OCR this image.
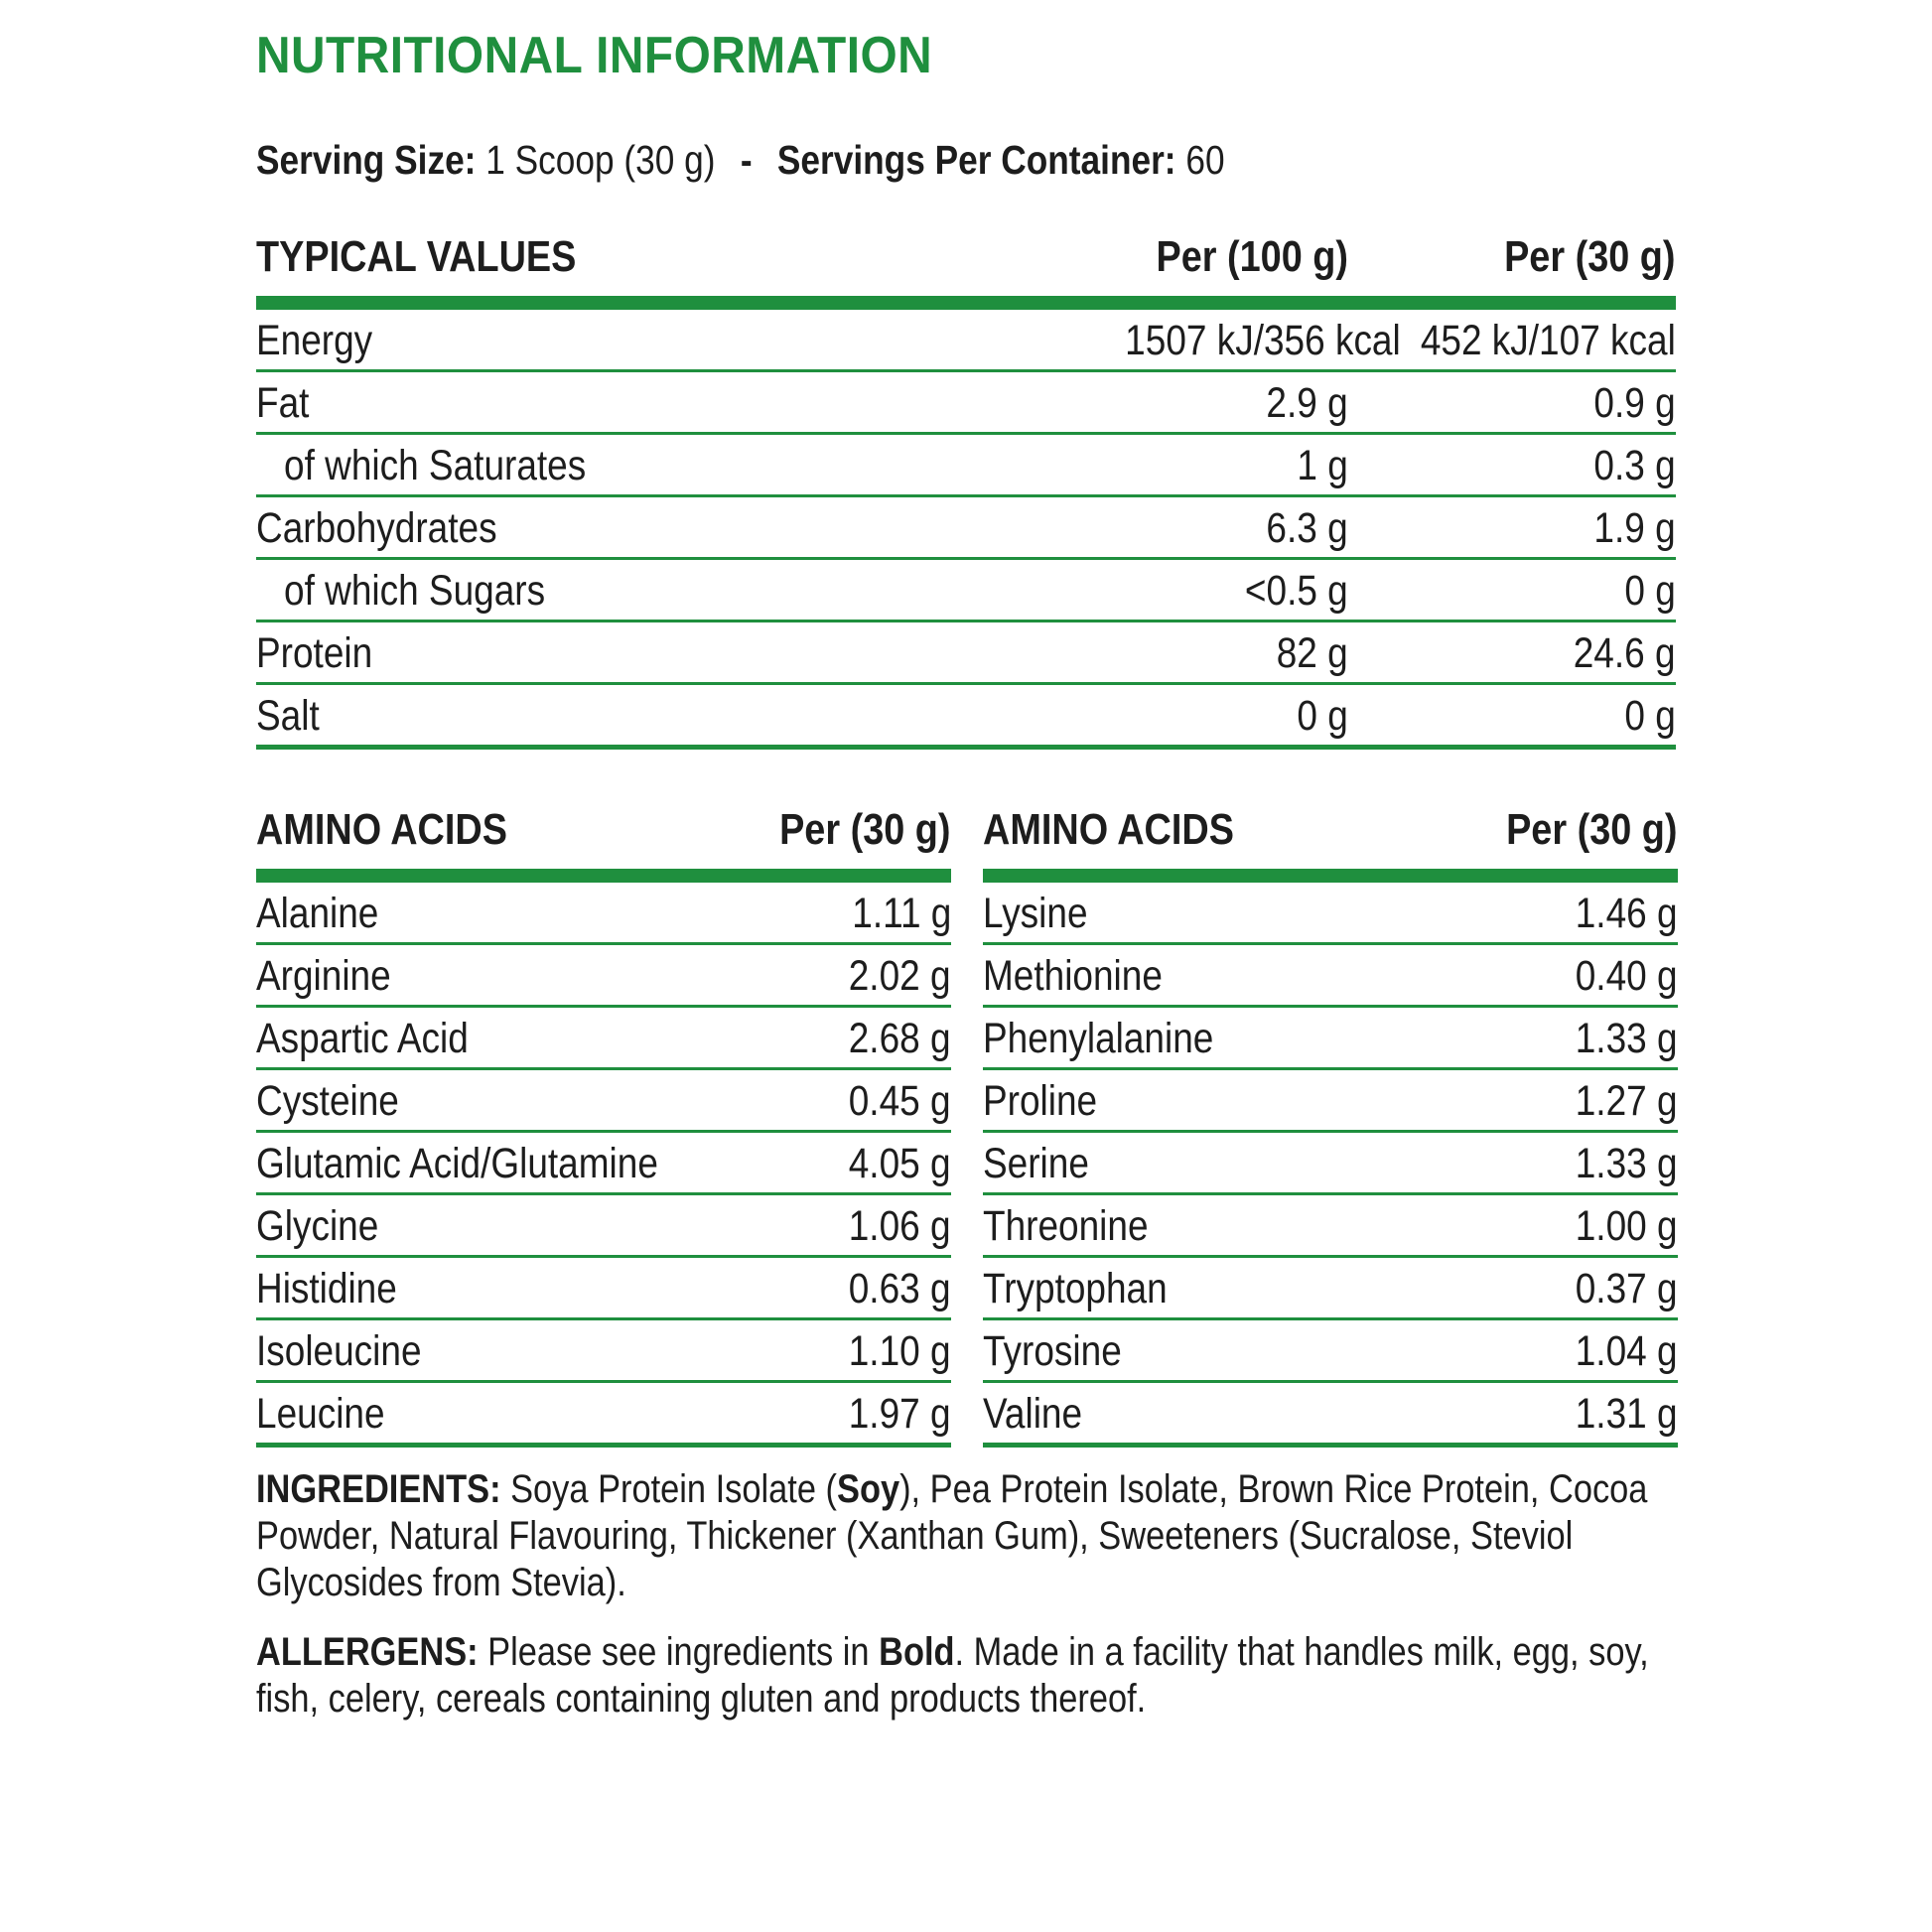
NUTRITIONAL INFORMATION
Serving Size: 1 Scoop (30 g) - Servings Per Container: 60
TYPICAL VALUES	Per (100 g)	Per (30 g)
Energy	1507 kJ/356 kcal	452 kJ/107 kcal
Fat	2.9 g	0.9 g
of which Saturates	1 g	0.3 g
Carbohydrates	6.3 g	1.9 g
of which Sugars	<0.5 g	0 g
Protein	82 g	24.6 g
Salt	0 g	0 g
AMINO ACIDS	Per (30 g)
Alanine	1.11 g
Arginine	2.02 g
Aspartic Acid	2.68 g
Cysteine	0.45 g
Glutamic Acid/Glutamine	4.05 g
Glycine	1.06 g
Histidine	0.63 g
Isoleucine	1.10 g
Leucine	1.97 g
AMINO ACIDS	Per (30 g)
Lysine	1.46 g
Methionine	0.40 g
Phenylalanine	1.33 g
Proline	1.27 g
Serine	1.33 g
Threonine	1.00 g
Tryptophan	0.37 g
Tyrosine	1.04 g
Valine	1.31 g
INGREDIENTS: Soya Protein Isolate (Soy), Pea Protein Isolate, Brown Rice Protein, Cocoa Powder, Natural Flavouring, Thickener (Xanthan Gum), Sweeteners (Sucralose, Steviol Glycosides from Stevia).
ALLERGENS: Please see ingredients in Bold. Made in a facility that handles milk, egg, soy, fish, celery, cereals containing gluten and products thereof.
